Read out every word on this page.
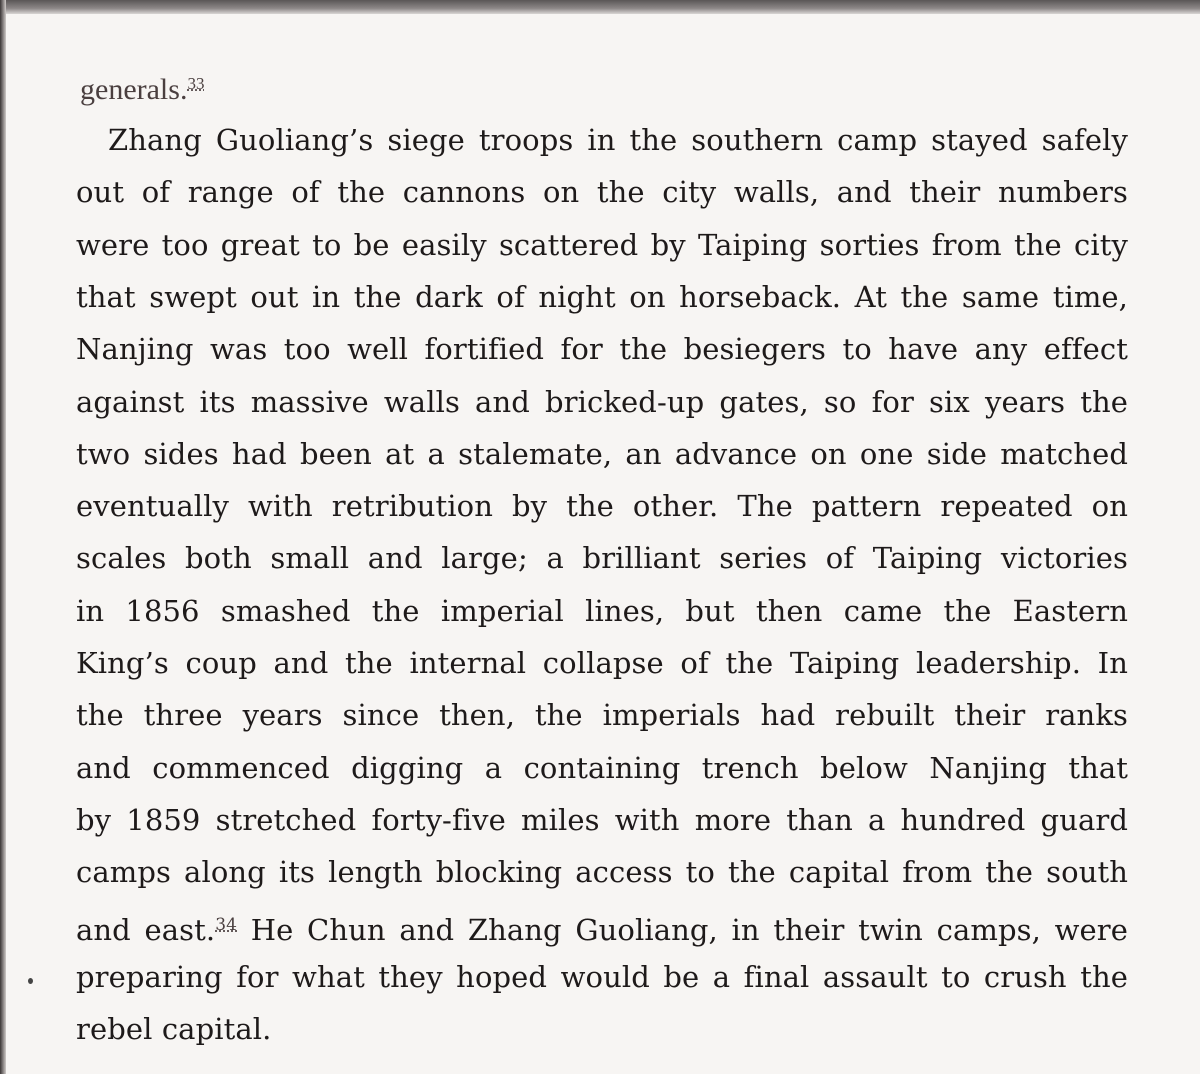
generals.$^{33}$
Zhang Guoliang’s siege troops in the southern camp stayed safely
out of range of the cannons on the city walls, and their numbers
were too great to be easily scattered by Taiping sorties from the city
that swept out in the dark of night on horseback. At the same time,
Nanjing was too well fortified for the besiegers to have any effect
against its massive walls and bricked-up gates, so for six years the
two sides had been at a stalemate, an advance on one side matched
eventually with retribution by the other. The pattern repeated on
scales both small and large; a brilliant series of Taiping victories
in 1856 smashed the imperial lines, but then came the Eastern
King’s coup and the internal collapse of the Taiping leadership. In
the three years since then, the imperials had rebuilt their ranks
and commenced digging a containing trench below Nanjing that
by 1859 stretched forty-five miles with more than a hundred guard
camps along its length blocking access to the capital from the south
and east.$^{34}$ He Chun and Zhang Guoliang, in their twin camps, were
preparing for what they hoped would be a final assault to crush the
rebel capital.
